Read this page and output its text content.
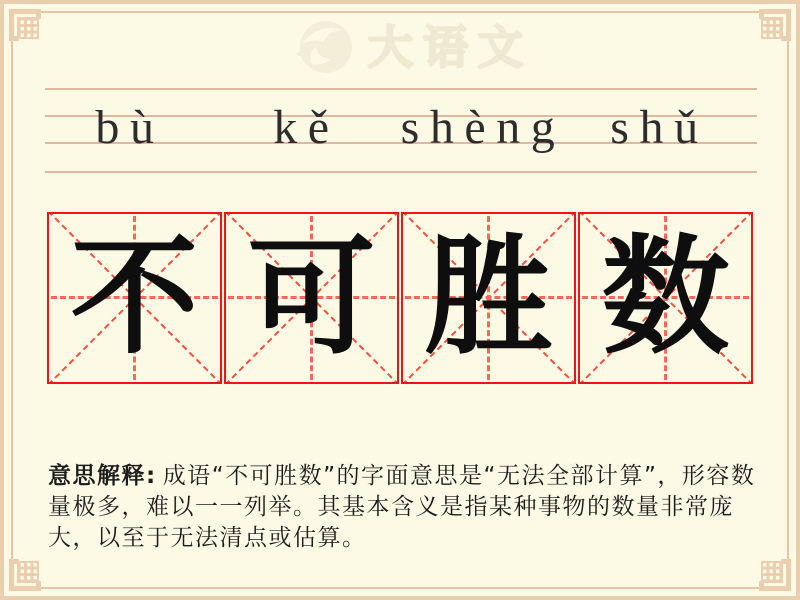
大语文
bù	kě	shèng shǔ
不 可 胜 数

意思解释: 成语“不可胜数”的字面意思是“无法全部计算”，形容数量极多，难以一一列举。其基本含义是指某种事物的数量非常庞大，以至于无法清点或估算。
